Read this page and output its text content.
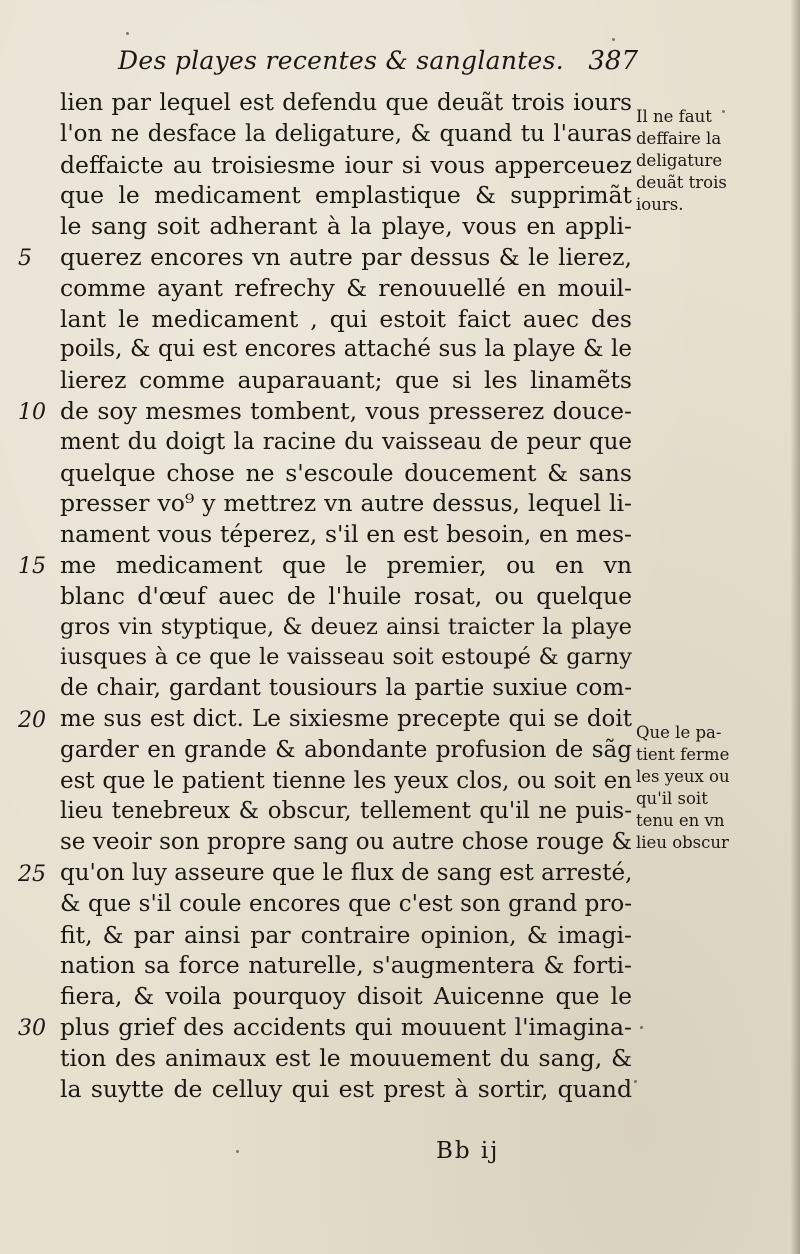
Des playes recentes & sanglantes. 387
lien par lequel est defendu que deuãt trois iours
l'on ne desface la deligature, & quand tu l'auras
deffaicte au troisiesme iour si vous apperceuez
que le medicament emplastique & supprimãt
le sang soit adherant à la playe, vous en appli-
querez encores vn autre par dessus & le lierez,
comme ayant refrechy & renouuellé en mouil-
lant le medicament , qui estoit faict auec des
poils, & qui est encores attaché sus la playe & le
lierez comme auparauant; que si les linamẽts
de soy mesmes tombent, vous presserez douce-
ment du doigt la racine du vaisseau de peur que
quelque chose ne s'escoule doucement & sans
presser vo⁹ y mettrez vn autre dessus, lequel li-
nament vous téperez, s'il en est besoin, en mes-
me medicament que le premier, ou en vn
blanc d'œuf auec de l'huile rosat, ou quelque
gros vin styptique, & deuez ainsi traicter la playe
iusques à ce que le vaisseau soit estoupé & garny
de chair, gardant tousiours la partie suxiue com-
me sus est dict. Le sixiesme precepte qui se doit
garder en grande & abondante profusion de sãg
est que le patient tienne les yeux clos, ou soit en
lieu tenebreux & obscur, tellement qu'il ne puis-
se veoir son propre sang ou autre chose rouge &
qu'on luy asseure que le flux de sang est arresté,
& que s'il coule encores que c'est son grand pro-
fit, & par ainsi par contraire opinion, & imagi-
nation sa force naturelle, s'augmentera & forti-
fiera, & voila pourquoy disoit Auicenne que le
plus grief des accidents qui mouuent l'imagina-
tion des animaux est le mouuement du sang, &
la suytte de celluy qui est prest à sortir, quand
5
10
15
20
25
30
Il ne faut
deffaire la
deligature
deuãt trois
iours.
Que le pa-
tient ferme
les yeux ou
qu'il soit
tenu en vn
lieu obscur
Bb ij
